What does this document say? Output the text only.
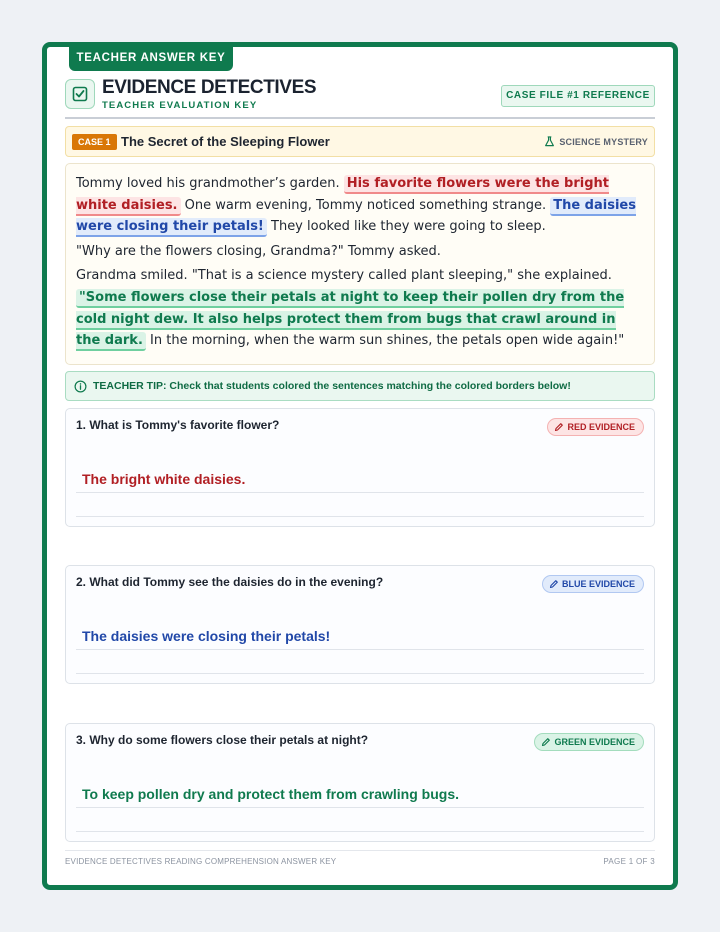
TEACHER ANSWER KEY
EVIDENCE DETECTIVES
TEACHER EVALUATION KEY
CASE FILE #1 REFERENCE
CASE 1 The Secret of the Sleeping Flower	SCIENCE MYSTERY

Tommy loved his grandmother’s garden. His favorite flowers were the bright white daisies. One warm evening, Tommy noticed something strange. The daisies were closing their petals! They looked like they were going to sleep.

"Why are the flowers closing, Grandma?" Tommy asked.

Grandma smiled. "That is a science mystery called plant sleeping," she explained. "Some flowers close their petals at night to keep their pollen dry from the cold night dew. It also helps protect them from bugs that crawl around in the dark. In the morning, when the warm sun shines, the petals open wide again!"

TEACHER TIP: Check that students colored the sentences matching the colored borders below!
1. What is Tommy's favorite flower?	RED EVIDENCE
The bright white daisies.
2. What did Tommy see the daisies do in the evening?	BLUE EVIDENCE
The daisies were closing their petals!
3. Why do some flowers close their petals at night?	GREEN EVIDENCE
To keep pollen dry and protect them from crawling bugs.
EVIDENCE DETECTIVES READING COMPREHENSION ANSWER KEY	PAGE 1 OF 3
